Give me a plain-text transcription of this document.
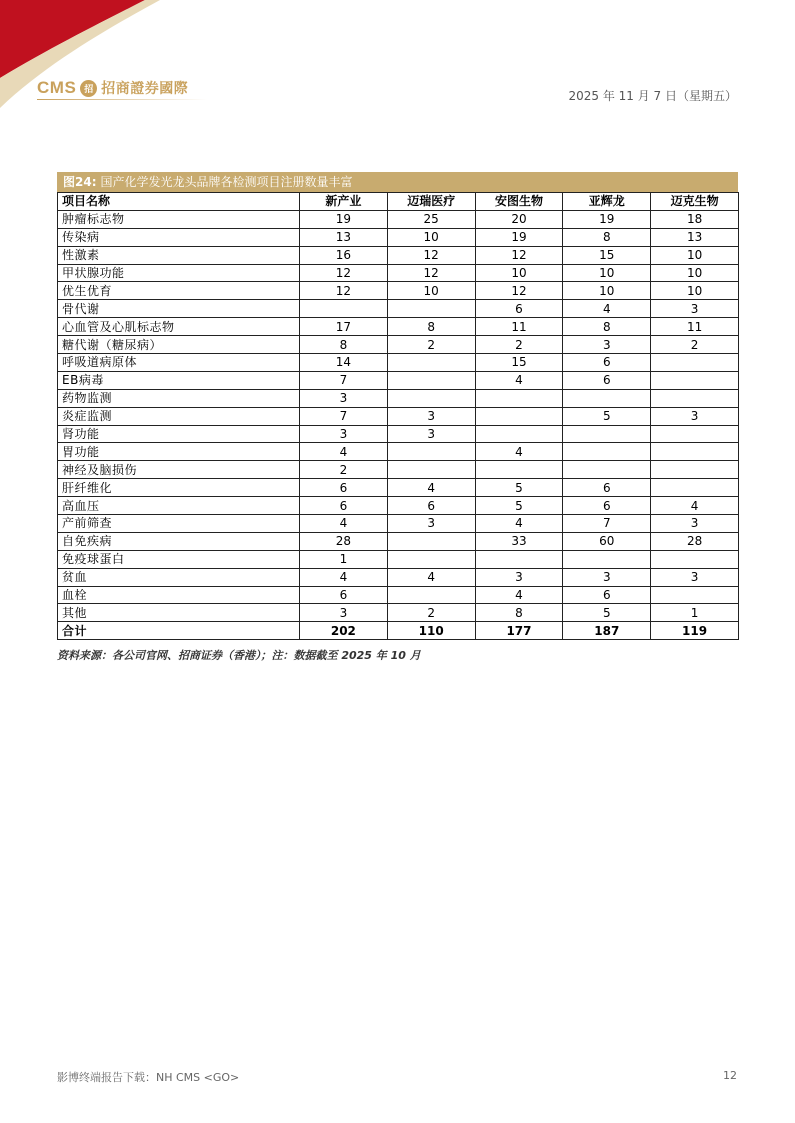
CMS 招 招商證券國際	2025 年 11 月 7 日（星期五）
图24: 国产化学发光龙头品牌各检测项目注册数量丰富
项目名称	新产业	迈瑞医疗	安图生物	亚辉龙	迈克生物
肿瘤标志物	19	25	20	19	18
传染病	13	10	19	8	13
性激素	16	12	12	15	10
甲状腺功能	12	12	10	10	10
优生优育	12	10	12	10	10
骨代谢			6	4	3
心血管及心肌标志物	17	8	11	8	11
糖代谢（糖尿病）	8	2	2	3	2
呼吸道病原体	14		15	6	
EB病毒	7		4	6	
药物监测	3				
炎症监测	7	3		5	3
肾功能	3	3			
胃功能	4		4		
神经及脑损伤	2				
肝纤维化	6	4	5	6	
高血压	6	6	5	6	4
产前筛查	4	3	4	7	3
自免疾病	28		33	60	28
免疫球蛋白	1				
贫血	4	4	3	3	3
血栓	6		4	6	
其他	3	2	8	5	1
合计	202	110	177	187	119
资料来源：各公司官网、招商证券（香港）；注：数据截至 2025 年 10 月
影博终端报告下载：NH CMS <GO>	12
